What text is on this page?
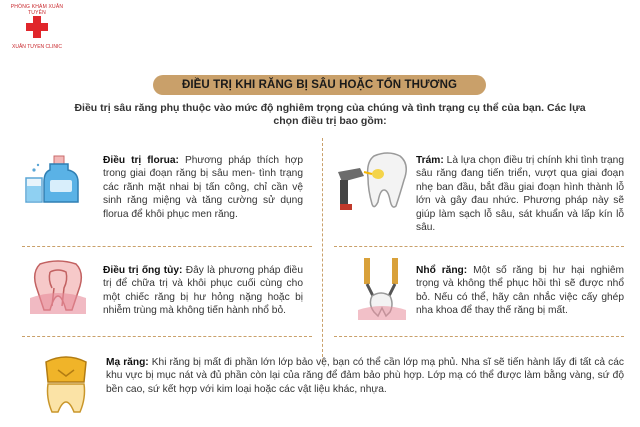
PHÒNG KHÁM XUÂN TUYÊN
XUÂN TUYEN CLINIC
ĐIỀU TRỊ KHI RĂNG BỊ SÂU HOẶC TỔN THƯƠNG
Điều trị sâu răng phụ thuộc vào mức độ nghiêm trọng của chúng và tình trạng cụ thể của bạn. Các lựa chọn điều trị bao gồm:
Điều trị florua: Phương pháp thích hợp trong giai đoạn răng bị sâu men- tình trạng các rãnh mặt nhai bị tấn công, chỉ cần vệ sinh răng miệng và tăng cường sử dụng florua để khôi phục men răng.
Trám: Là lựa chọn điều trị chính khi tình trạng sâu răng đang tiến triển, vượt qua giai đoạn nhẹ ban đầu, bắt đầu giai đoạn hình thành lỗ lớn và gây đau nhức. Phương pháp này sẽ giúp làm sạch lỗ sâu, sát khuẩn và lấp kín lỗ sâu.
Điều trị ống tủy: Đây là phương pháp điều trị để chữa trị và khôi phục cuối cùng cho một chiếc răng bị hư hỏng nặng hoặc bị nhiễm trùng mà không tiến hành nhổ bỏ.
Nhổ răng: Một số răng bị hư hại nghiêm trọng và không thể phục hồi thì sẽ được nhổ bỏ. Nếu có thể, hãy cân nhắc việc cấy ghép nha khoa để thay thế răng bị mất.
Mạ răng: Khi răng bị mất đi phần lớn lớp bảo vệ, bạn có thể cần lớp mạ phủ. Nha sĩ sẽ tiến hành lấy đi tất cả các khu vực bị mục nát và đủ phần còn lại của răng để đảm bảo phù hợp. Lớp mạ có thể được làm bằng vàng, sứ độ bền cao, sứ kết hợp với kim loại hoặc các vật liệu khác, nhựa.
